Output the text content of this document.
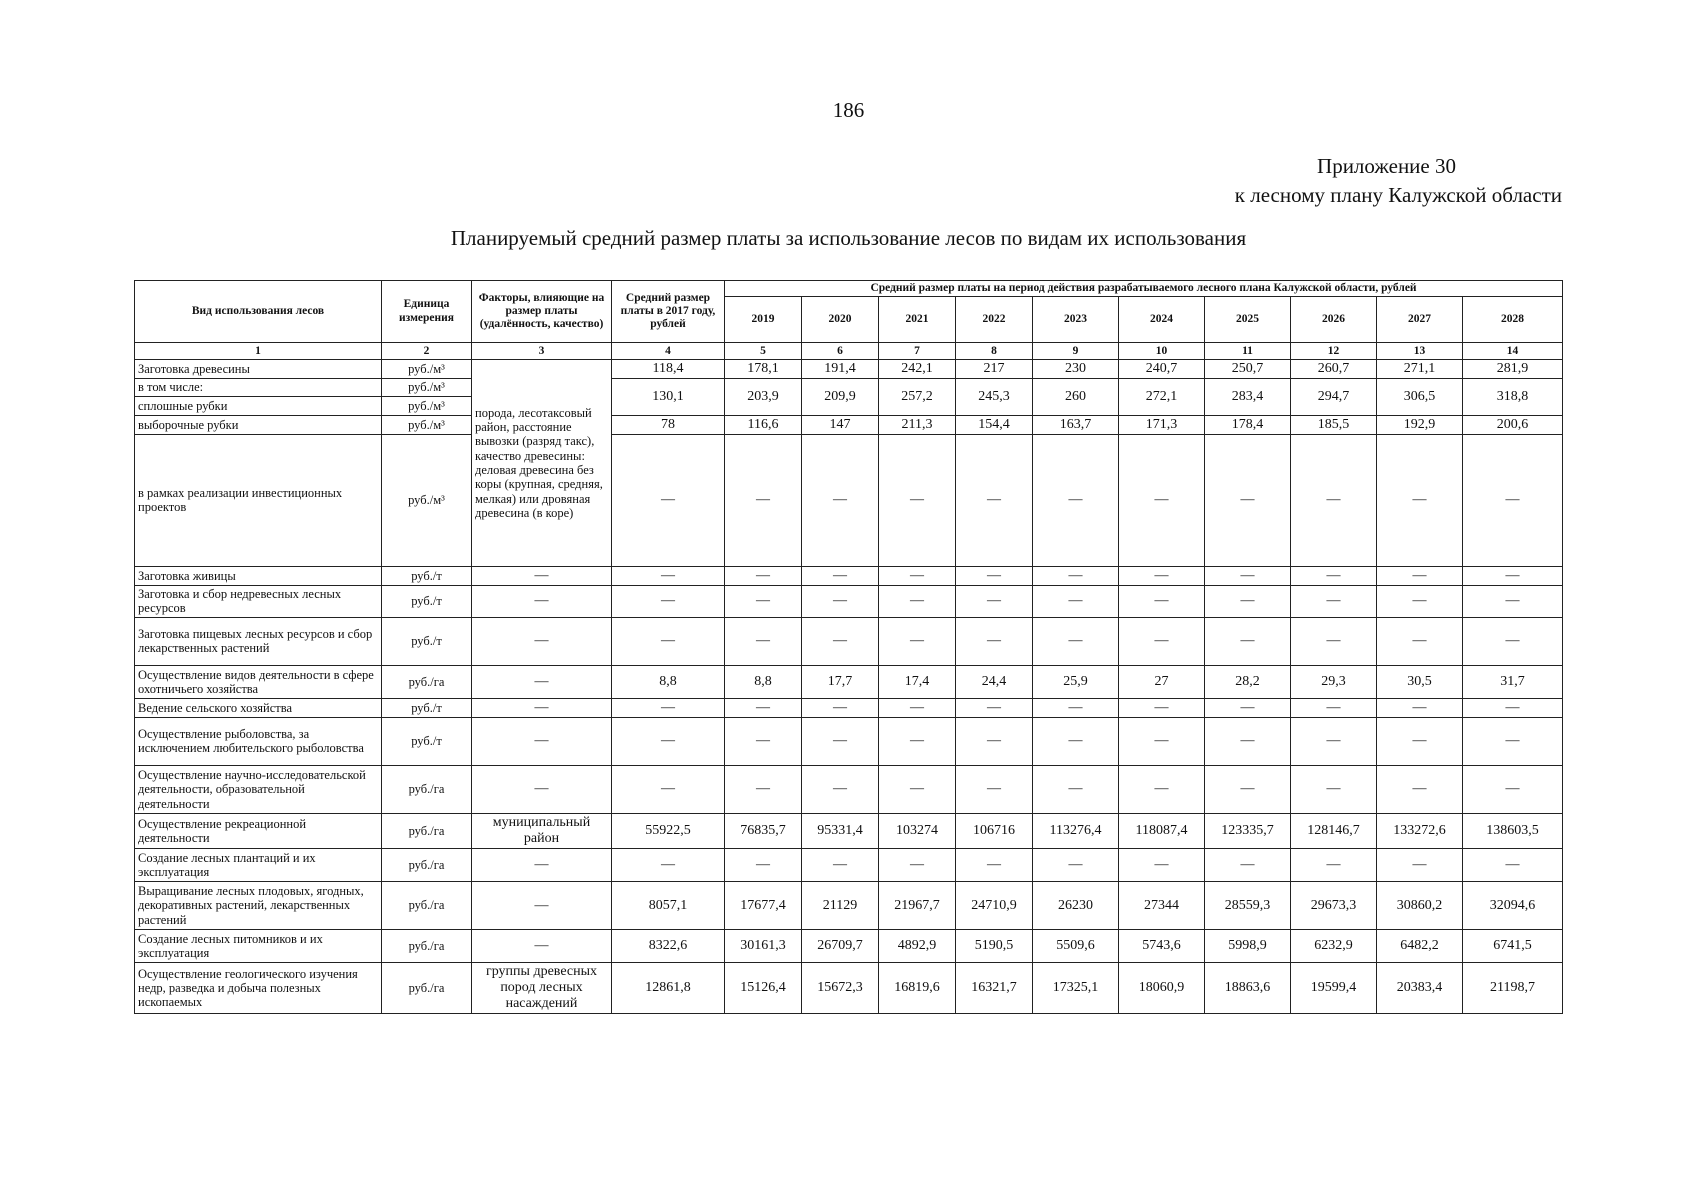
186
Приложение 30
к лесному плану Калужской области
Планируемый средний размер платы за использование лесов по видам их использования
Вид использования лесов	Единица измерения	Факторы, влияющие на размер платы (удалённость, качество)	Средний размер платы в 2017 году, рублей	Средний размер платы на период действия разрабатываемого лесного плана Калужской области, рублей									
				2019	2020	2021	2022	2023	2024	2025	2026	2027	2028
1	2	3	4	5	6	7	8	9	10	11	12	13	14
Заготовка древесины	руб./м³	порода, лесотаксовый район, расстояние вывозки (разряд такс), качество древесины: деловая древесина без коры (крупная, средняя, мелкая) или дровяная древесина (в коре)	118,4	178,1	191,4	242,1	217	230	240,7	250,7	260,7	271,1	281,9
в том числе:	руб./м³		130,1	203,9	209,9	257,2	245,3	260	272,1	283,4	294,7	306,5	318,8
сплошные рубки	руб./м³												
выборочные рубки	руб./м³		78	116,6	147	211,3	154,4	163,7	171,3	178,4	185,5	192,9	200,6
в рамках реализации инвестиционных проектов	руб./м³		—	—	—	—	—	—	—	—	—	—	—
Заготовка живицы	руб./т	—	—	—	—	—	—	—	—	—	—	—	—
Заготовка и сбор недревесных лесных ресурсов	руб./т	—	—	—	—	—	—	—	—	—	—	—	—
Заготовка пищевых лесных ресурсов и сбор лекарственных растений	руб./т	—	—	—	—	—	—	—	—	—	—	—	—
Осуществление видов деятельности в сфере охотничьего хозяйства	руб./га	—	8,8	8,8	17,7	17,4	24,4	25,9	27	28,2	29,3	30,5	31,7
Ведение сельского хозяйства	руб./т	—	—	—	—	—	—	—	—	—	—	—	—
Осуществление рыболовства, за исключением любительского рыболовства	руб./т	—	—	—	—	—	—	—	—	—	—	—	—
Осуществление научно-исследовательской деятельности, образовательной деятельности	руб./га	—	—	—	—	—	—	—	—	—	—	—	—
Осуществление рекреационной деятельности	руб./га	муниципальный район	55922,5	76835,7	95331,4	103274	106716	113276,4	118087,4	123335,7	128146,7	133272,6	138603,5
Создание лесных плантаций и их эксплуатация	руб./га	—	—	—	—	—	—	—	—	—	—	—	—
Выращивание лесных плодовых, ягодных, декоративных растений, лекарственных растений	руб./га	—	8057,1	17677,4	21129	21967,7	24710,9	26230	27344	28559,3	29673,3	30860,2	32094,6
Создание лесных питомников и их эксплуатация	руб./га	—	8322,6	30161,3	26709,7	4892,9	5190,5	5509,6	5743,6	5998,9	6232,9	6482,2	6741,5
Осуществление геологического изучения недр, разведка и добыча полезных ископаемых	руб./га	группы древесных пород лесных насаждений	12861,8	15126,4	15672,3	16819,6	16321,7	17325,1	18060,9	18863,6	19599,4	20383,4	21198,7
